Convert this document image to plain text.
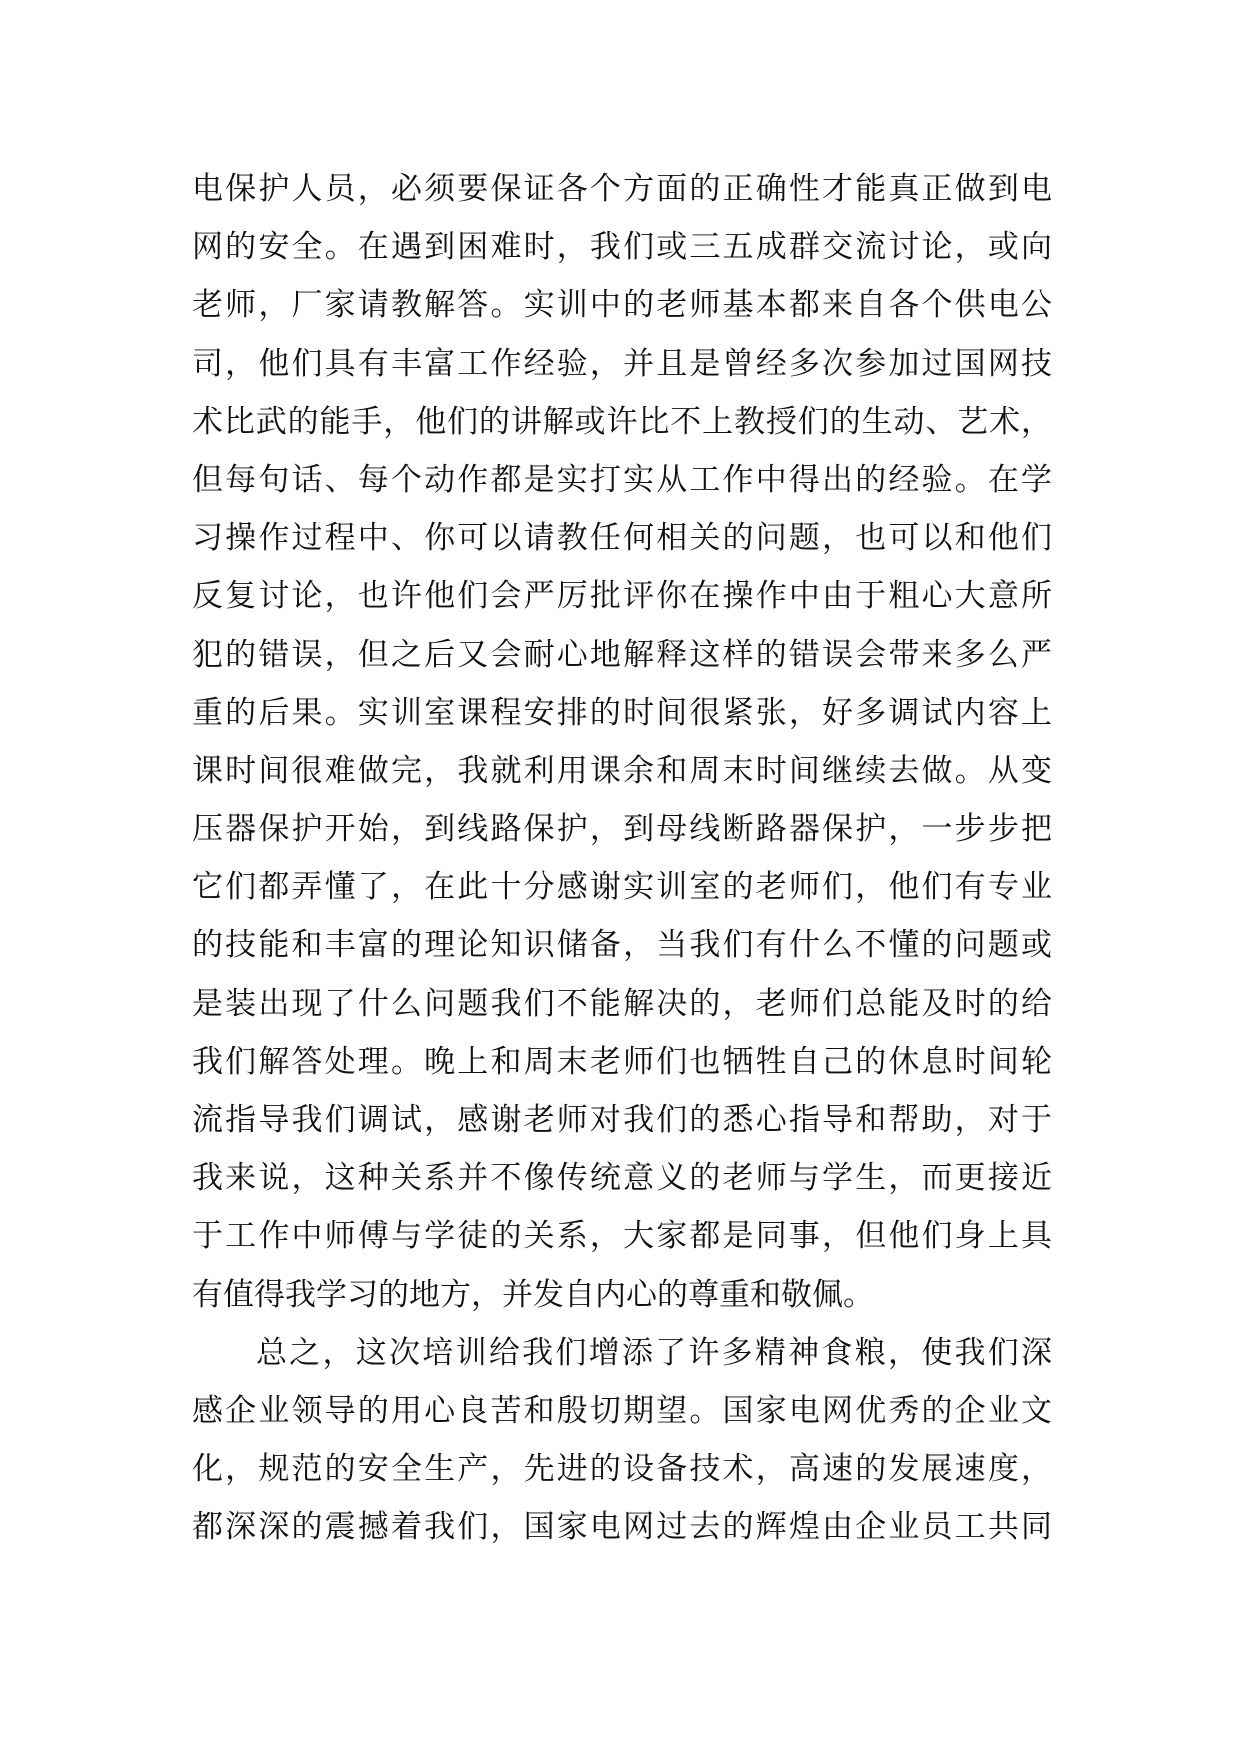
电保护人员，必须要保证各个方面的正确性才能真正做到电
网的安全。在遇到困难时，我们或三五成群交流讨论，或向
老师，厂家请教解答。实训中的老师基本都来自各个供电公
司，他们具有丰富工作经验，并且是曾经多次参加过国网技
术比武的能手，他们的讲解或许比不上教授们的生动、艺术，
但每句话、每个动作都是实打实从工作中得出的经验。在学
习操作过程中、你可以请教任何相关的问题，也可以和他们
反复讨论，也许他们会严厉批评你在操作中由于粗心大意所
犯的错误，但之后又会耐心地解释这样的错误会带来多么严
重的后果。实训室课程安排的时间很紧张，好多调试内容上
课时间很难做完，我就利用课余和周末时间继续去做。从变
压器保护开始，到线路保护，到母线断路器保护，一步步把
它们都弄懂了，在此十分感谢实训室的老师们，他们有专业
的技能和丰富的理论知识储备，当我们有什么不懂的问题或
是装出现了什么问题我们不能解决的，老师们总能及时的给
我们解答处理。晚上和周末老师们也牺牲自己的休息时间轮
流指导我们调试，感谢老师对我们的悉心指导和帮助，对于
我来说，这种关系并不像传统意义的老师与学生，而更接近
于工作中师傅与学徒的关系，大家都是同事，但他们身上具
有值得我学习的地方，并发自内心的尊重和敬佩。
总之，这次培训给我们增添了许多精神食粮，使我们深
感企业领导的用心良苦和殷切期望。国家电网优秀的企业文
化，规范的安全生产，先进的设备技术，高速的发展速度，
都深深的震撼着我们，国家电网过去的辉煌由企业员工共同
